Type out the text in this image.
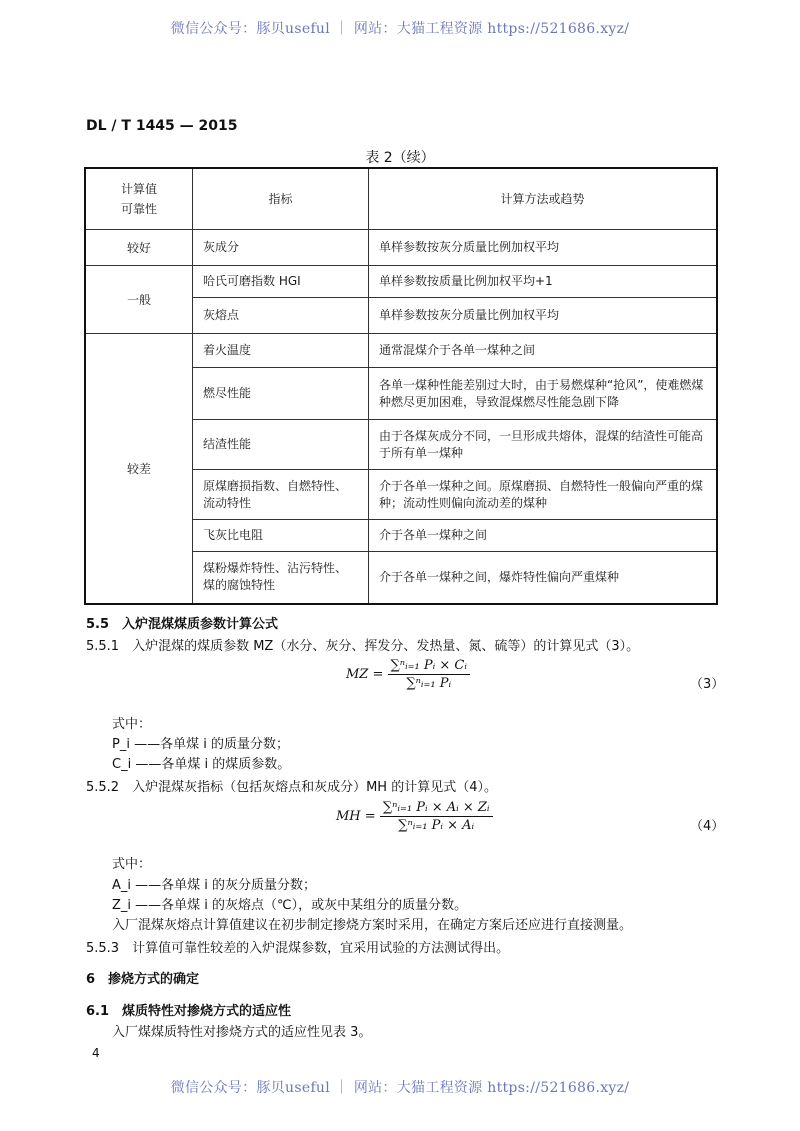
微信公众号：豚贝useful ｜ 网站：大猫工程资源 https://521686.xyz/
DL / T 1445 — 2015
表 2（续）
计算值
可靠性	指标	计算方法或趋势
较好	灰成分	单样参数按灰分质量比例加权平均
一般	哈氏可磨指数 HGI	单样参数按质量比例加权平均+1
	灰熔点	单样参数按灰分质量比例加权平均
较差	着火温度	通常混煤介于各单一煤种之间
	燃尽性能	各单一煤种性能差别过大时，由于易燃煤种“抢风”，使难燃煤种燃尽更加困难，导致混煤燃尽性能急剧下降
	结渣性能	由于各煤灰成分不同，一旦形成共熔体，混煤的结渣性可能高于所有单一煤种
	原煤磨损指数、自燃特性、流动特性	介于各单一煤种之间。原煤磨损、自燃特性一般偏向严重的煤种；流动性则偏向流动差的煤种
	飞灰比电阻	介于各单一煤种之间
	煤粉爆炸特性、沾污特性、煤的腐蚀特性	介于各单一煤种之间，爆炸特性偏向严重煤种
5.5　入炉混煤煤质参数计算公式
5.5.1　入炉混煤的煤质参数 MZ（水分、灰分、挥发分、发热量、氮、硫等）的计算见式（3）。
MZ = $\frac{\text{∑ⁿᵢ₌₁ Pᵢ × Cᵢ}}{\text{∑ⁿᵢ₌₁ Pᵢ}}$	（3）
式中：
P_i ——各单煤 i 的质量分数；
C_i ——各单煤 i 的煤质参数。
5.5.2　入炉混煤灰指标（包括灰熔点和灰成分）MH 的计算见式（4）。
MH = $\frac{\text{∑ⁿᵢ₌₁ Pᵢ × Aᵢ × Zᵢ}}{\text{∑ⁿᵢ₌₁ Pᵢ × Aᵢ}}$	（4）
式中：
A_i ——各单煤 i 的灰分质量分数；
Z_i ——各单煤 i 的灰熔点（℃），或灰中某组分的质量分数。
入厂混煤灰熔点计算值建议在初步制定掺烧方案时采用，在确定方案后还应进行直接测量。
5.5.3　计算值可靠性较差的入炉混煤参数，宜采用试验的方法测试得出。
6　掺烧方式的确定
6.1　煤质特性对掺烧方式的适应性
入厂煤煤质特性对掺烧方式的适应性见表 3。
4
微信公众号：豚贝useful ｜ 网站：大猫工程资源 https://521686.xyz/
